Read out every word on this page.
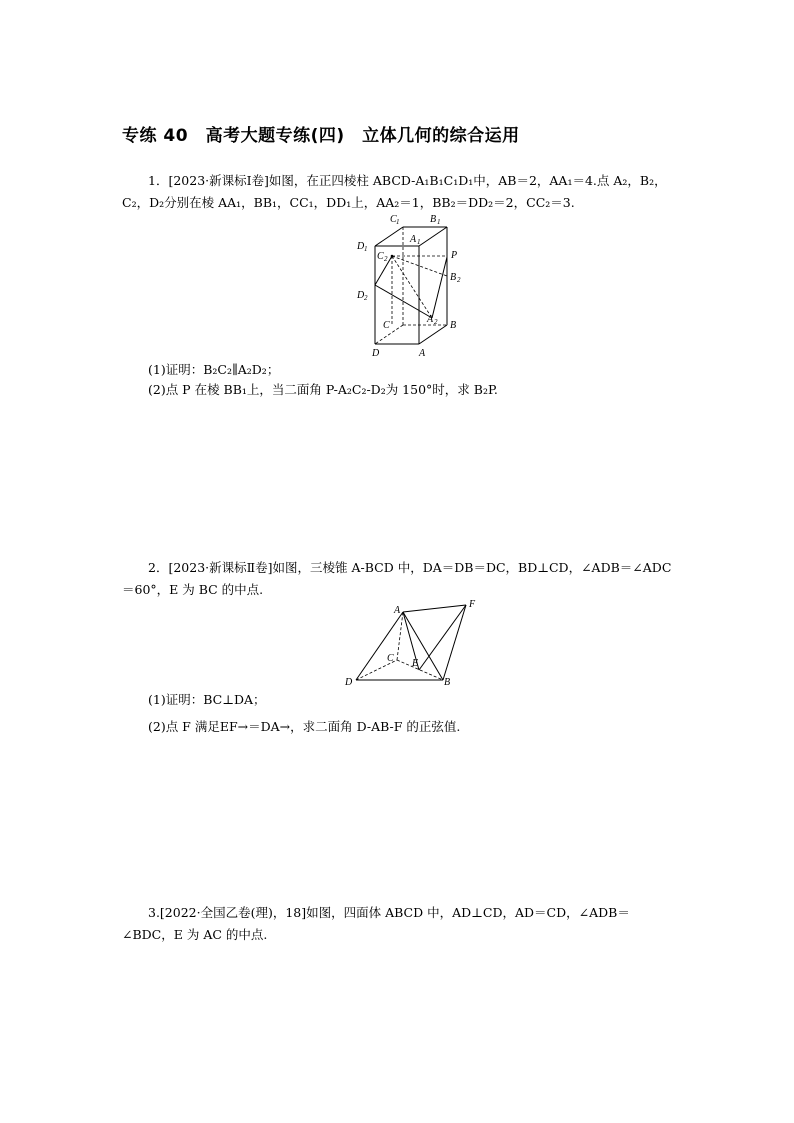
专练 40　高考大题专练(四)　立体几何的综合运用
1．[2023·新课标Ⅰ卷]如图，在正四棱柱 ABCD-A₁B₁C₁D₁中，AB＝2，AA₁＝4.点 A₂，B₂，C₂，D₂分别在棱 AA₁，BB₁，CC₁，DD₁上，AA₂＝1，BB₂＝DD₂＝2，CC₂＝3.
C 1	B 1
D 1
A 1
C 2	P
B 2
D 2
C
A 2 B
D	A
(1)证明：B₂C₂∥A₂D₂；
(2)点 P 在棱 BB₁上，当二面角 P-A₂C₂-D₂为 150°时，求 B₂P.
2．[2023·新课标Ⅱ卷]如图，三棱锥 A-BCD 中，DA＝DB＝DC，BD⊥CD，∠ADB＝∠ADC＝60°，E 为 BC 的中点.
A
F
C E
D	B
(1)证明：BC⊥DA；
(2)点 F 满足EF→＝DA→，求二面角 D-AB-F 的正弦值.
3.[2022·全国乙卷(理)，18]如图，四面体 ABCD 中，AD⊥CD，AD＝CD，∠ADB＝∠BDC，E 为 AC 的中点.
